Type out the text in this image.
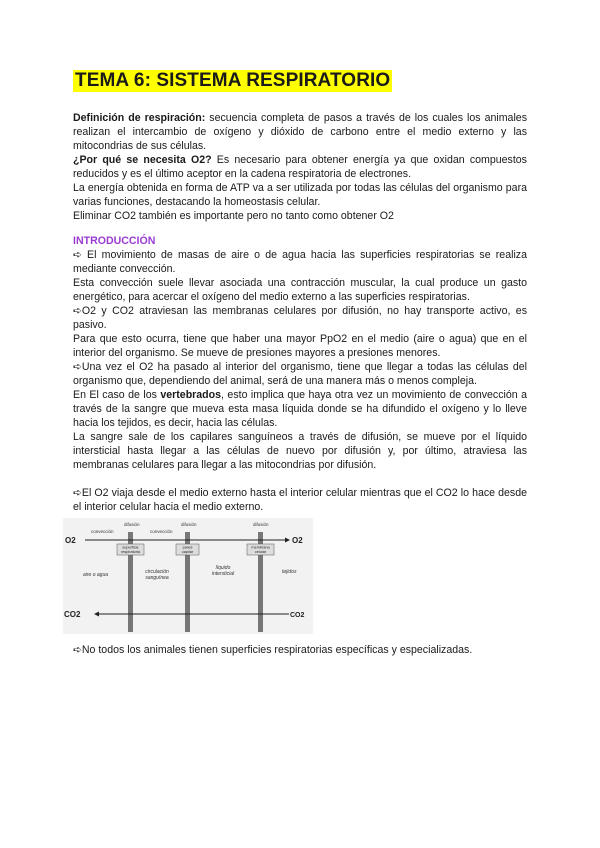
TEMA 6: SISTEMA RESPIRATORIO

Definición de respiración: secuencia completa de pasos a través de los cuales los animales realizan el intercambio de oxígeno y dióxido de carbono entre el medio externo y las mitocondrias de sus células.

¿Por qué se necesita O2? Es necesario para obtener energía ya que oxidan compuestos reducidos y es el último aceptor en la cadena respiratoria de electrones.

La energía obtenida en forma de ATP va a ser utilizada por todas las células del organismo para varias funciones, destacando la homeostasis celular.

Eliminar CO2 también es importante pero no tanto como obtener O2

INTRODUCCIÓN

➪ El movimiento de masas de aire o de agua hacia las superficies respiratorias se realiza mediante convección.

Esta convección suele llevar asociada una contracción muscular, la cual produce un gasto energético, para acercar el oxígeno del medio externo a las superficies respiratorias.

➪O2 y CO2 atraviesan las membranas celulares por difusión, no hay transporte activo, es pasivo.

Para que esto ocurra, tiene que haber una mayor PpO2 en el medio (aire o agua) que en el interior del organismo. Se mueve de presiones mayores a presiones menores.

➪Una vez el O2 ha pasado al interior del organismo, tiene que llegar a todas las células del organismo que, dependiendo del animal, será de una manera más o menos compleja.

En El caso de los vertebrados, esto implica que haya otra vez un movimiento de convección a través de la sangre que mueva esta masa líquida donde se ha difundido el oxígeno y lo lleve hacia los tejidos, es decir, hacia las células.

La sangre sale de los capilares sanguíneos a través de difusión, se mueve por el líquido intersticial hasta llegar a las células de nuevo por difusión y, por último, atraviesa las membranas celulares para llegar a las mitocondrias por difusión.

➪El O2 viaja desde el medio externo hasta el interior celular mientras que el CO2 lo hace desde el interior celular hacia el medio externo.

O2	O2
CO2	CO2
convección
difusión
convección
difusión	difusión
superficie
respiratoria
pared
capilar
membrana
celular
aire o agua	circulación
sanguínea
líquido
intersticial	tejidos

➪No todos los animales tienen superficies respiratorias específicas y especializadas.
